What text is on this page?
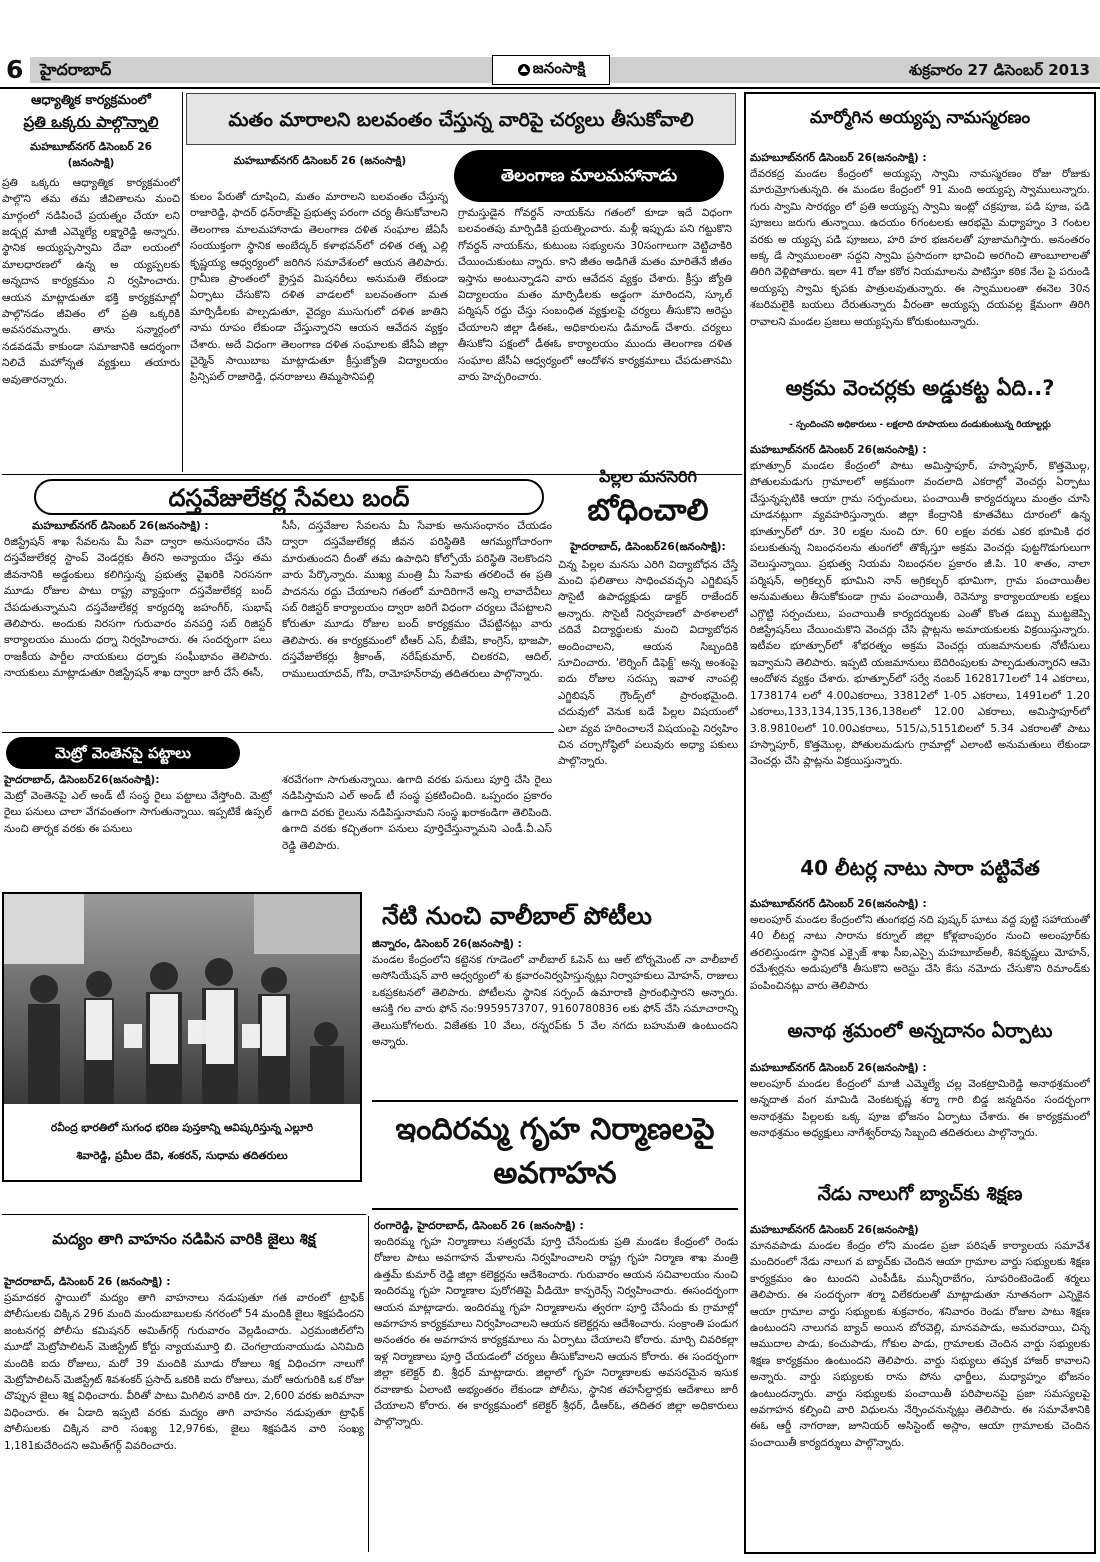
6	హైదరాబాద్	జనంసాక్షి	శుక్రవారం 27 డిసెంబర్ 2013
ఆధ్యాత్మిక కార్యక్రమంలో
ప్రతి ఒక్కరు పాల్గొన్నాలి
మహబూబ్‌నగర్ డిసెంబర్ 26 (జనంసాక్షి)

ప్రతి ఒక్కరు ఆధ్యాత్మిక కార్యక్రమంలో పాల్గొని తమ తమ జీవితాలను మంచి మార్గంలో నడిపించే ప్రయత్నం చేయా లని జడ్చర్ల మాజీ ఎమ్మెల్యే లక్ష్మారెడ్డి అన్నారు. స్థానిక అయ్యప్పస్వామి దేవా లయంలో మాలధారణలో ఉన్న అ య్యప్పలకు అన్నదాన కార్యక్రమం ని ర్వహించారు. ఆయన మాట్లాడుతూ భక్తి కార్యక్రమాల్లో పాల్గొనడం జీవితం లో ప్రతి ఒక్కరికి అవసరమన్నారు. తాను సన్మార్గంలో నడవడమే కాకుండా సమాజానికి ఆదర్శంగా నిలిచే మహోన్నత వ్యక్తులు తయారు అవుతారన్నారు.

మతం మారాలని బలవంతం చేస్తున్న వారిపై చర్యలు తీసుకోవాలి
మహబూబ్‌నగర్ డిసెంబర్ 26 (జనంసాక్షి)
తెలంగాణ మాలమహానాడు

కులం పేరుతో దూషించి, మతం మారాలని బలవంతం చేస్తున్న రాజారెడ్డి, ఫాదర్ ధన్‌రాజ్‌పై ప్రభుత్వ పరంగా చర్య తీసుకోవాలని తెలంగాణ మాలమహానాడు తెలంగాణ దళిత సంఘాల జేఏసీ సంయుక్తంగా స్థానిక అంబేద్కర్ కళాభవన్‌లో దళిత రత్న ఎల్లి కృష్ణయ్య ఆధ్వర్యంలో జరిగిన సమావేశంలో ఆయన తెలిపారు. గ్రామీణ ప్రాంతంలో క్రైస్తవ మిషనరీలు అనుమతి లేకుండా ఏర్పాటు చేసుకొని దళిత వాడలలో బలవంతంగా మత మార్పిడీలకు పాల్పడుతూ, వైద్యం ముసుగులో దళిత జాతిని నామ రూపం లేకుండా చేస్తున్నారని ఆయన ఆవేదన వ్యక్తం చేశారు. అదే విధంగా తెలంగాణ దళిత సంఘాలకు జేసీఏ జిల్లా చైర్మెన్ సాయిబాబ మాట్లాడుతూ క్రీస్తుజ్యోతి విద్యాలయం ప్రిన్సిపల్ రాజారెడ్డి, ధనరాజులు తిమ్మసానిపల్లి

గ్రామస్తుడైన గోవర్దన్ నాయక్‌ను గతంలో కూడా ఇదే విధంగా బలవంతపు మార్పిడికి ప్రయత్నించారు. మళ్లీ ఇప్పుడు పని గట్టుకొని గోవర్దన్ నాయక్‌ను, కుటుంబ సభ్యులను 30సంగాలుగా వెట్టిచాకిరి చేయించుకుంటు న్నారు. కాని జీతం అడిగితే మతం మారితేనే జీతం ఇస్తాను అంటున్నాడని వారు ఆవేదన వ్యక్తం చేశారు. క్రీస్తు జ్యోతి విద్యాలయం మతం మార్పిడీలకు అడ్డంగా మారిందని, స్కూల్ పర్మిషన్ రద్దు చేస్తు సంబంధిత వ్యక్తులపై చర్యలు తీసుకొని అరెస్టు చేయాలని జిల్లా డీఈఓ, అధికారులను డిమాండ్ చేశారు. చర్యలు తీసుకోని పక్షంలో డీఈఓ కార్యాలయం ముందు తెలంగాణ దళిత సంఘాల జేసీఏ ఆధ్వర్యంలో ఆందోళన కార్యక్రమాలు చేపడుతానమి వారు హెచ్చరించారు.

మార్మోగిన అయ్యప్ప నామస్మరణం
మహబూబ్‌నగర్ డిసెంబర్ 26(జనంసాక్షి) :

దేవరకద్ర మండల కేంద్రంలో అయ్యప్ప స్వామి నామస్మరణం రోజు రోజుకు మారుమ్రోగుతున్నది. ఈ మండల కేంద్రంలో 91 మంది అయ్యప్ప స్వాములున్నారు. గురు స్వామి సారథ్యం లో ప్రతి అయ్యప్ప స్వామి ఇంట్లో చక్రపూజ, పడి పూజ, పడి పూజలు జరుగు తున్నాయి. ఉదయం 6గంటలకు ఆరభమై మధ్యాహ్నం 3 గంటల వరకు అ య్యప్ప పడి పూజలు, హరి హర భజనలతో పూజామగిస్తారు. అనంతరం అక్క డే స్వాములంతా సద్దని స్వామి ప్రసాదంగా భావించి అరగించి తాంబూలాలతో తిరిగి వెళ్లిపోతారు. ఇలా 41 రోజు కఠోర నియమాలను పాటిస్తూ కఠిక నేల పై పరుండి అయ్యప్ప స్వామి కృపకు పాత్రులవుతున్నారు. ఈ స్వాములంతా ఈనెల 30న శబరిమలైకి బయలు దేరుతున్నారు వీరంతా అయ్యప్ప దయవల్ల క్షేమంగా తిరిగి రావాలని మండల ప్రజలు అయ్యప్పను కోరుకుంటున్నారు.

అక్రమ వెంచర్లకు అడ్డుకట్ట ఏది..?
- స్పందించని అధికారులు - లక్షలాది రూపాయలు దండుకుంటున్న రియాల్టర్లు
మహబూబ్‌నగర్ డిసెంబర్ 26(జనంసాక్షి) :

భూత్పూర్ మండల కేంద్రంలో పాటు అమిస్తాపూర్, హస్నాపూర్, కొత్తమొల్గ, పోతులమడుగు గ్రామాలలో అక్రమంగా వందలాది ఎకరాల్లో వెంచర్లు ఏర్పాటు చేస్తున్నప్పటికి ఆయా గ్రామ సర్పంచులు, పంచాయితీ కార్యదర్శులు మంత్రం చూసి చూడనట్లుగా వ్యవహరిస్తున్నారు. జిల్లా కేంద్రానికి కూతవేటు దూరంలో ఉన్న భూత్పూర్‌లో రూ. 30 లక్షల నుంచి రూ. 60 లక్షల వరకు ఎకర భూమికి ధర పలుకుతున్న నిబంధనలను తుంగలో తొక్కేస్తూ అక్రమ వెంచర్లు పుట్టగొడుగులుగా వెలుస్తున్నాయి. ప్రభుత్వ నియమ నిబంధనల ప్రకారం జీ.పి. 10 శాతం, నాలా పర్మిషన్, అగ్రికల్చర్ భూమిని నాన్ అగ్రికల్చర్ భూమిగా, గ్రామ పంచాయితీల అనుమతులు తీసుకోకుండా గ్రామ పంచాయితీ, రెవెన్యూ కార్యాలయాలకు లక్షలు ఎగ్గొట్టి సర్పంచులు, పంచాయితీ కార్యదర్శులకు ఎంతో కొంత డబ్బు ముట్టజెప్పి రిజిస్ట్రేషన్‌లు చేయించుకొని వెంచర్లు చేసి ప్లాట్లను అమాయకులకు విక్రయిస్తున్నారు. ఇటీవల భూత్పూర్‌లో శోభరత్నం అక్రమ వెంచర్లు యజమానులకు నోటీసులు ఇవ్వామని తెలిపారు. ఇప్పటి యజమానులు బెదిరింపులకు పాల్పడుతున్నారని ఆమె ఆందోళన వ్యక్తం చేశారు. భూత్పూర్‌లో సర్వే నంబర్ 1628171లలో 14 ఎకరాలు, 1738174 లలో 4.00ఎకరాలు, 33812లో 1-05 ఎకరాలు, 1491లలో 1.20 ఎకరాలు,133,134,135,136,138లలో 12.00 ఎకరాలు, అమిస్తాపూర్‌లో 3.8.9810లలో 10.00ఎకరాలు, 515/ఎ,5151బిలలో 5.34 ఎకరాలతో పాటు హస్నాపూర్, కొత్తమొల్గ, పోతులమడుగు గ్రామాల్లో ఎలాంటి అనుమతులు లేకుండా వెంచర్లు చేసి ప్లాట్లను విక్రయిస్తున్నారు.

40 లీటర్ల నాటు సారా పట్టివేత
మహబూబ్‌నగర్ డిసెంబర్ 26(జనంసాక్షి) :

అలంపూర్ మండల కేంద్రంలోని తుంగభద్ర నది పుష్కర్ ఘాటు వద్ద పుట్టి సహాయంతో 40 లీటర్ల నాటు సారాను కర్నూల్ జిల్లా కోళ్లబాంపురం నుంచి అలంపూర్‌కు తరలిస్తుండగా స్థానిక ఎక్సైజ్ శాఖ సీఐ,ఎస్సై మహబూబ్‌అలీ, శివకృష్ణలు మోహన్, రమేశ్వర్లను అదుపులోకి తీసుకొని అరెస్టు చేసి కేసు నమోదు చేసుకొని రిమాండ్‌కు పంపించినట్లు వారు తెలిపారు

అనాథ శ్రమంలో అన్నదానం ఏర్పాటు
మహబూబ్‌నగర్ డిసెంబర్ 26(జనంసాక్షి) :

అలంపూర్ మండల కేంద్రంలో మాజీ ఎమ్మెల్యే చల్ల వెంకట్రామిరెడ్డి అనాథశ్రమంలో అన్నదాత వంగ మామిడి వెంకటకృష్ణ శర్మా గారి బిడ్డ జన్మదినం సందర్భంగా అనాథశ్రమ పిల్లలకు ఒక్క పూజ భోజనం ఏర్పాటు చేశారు. ఈ కార్యక్రమంలో అనాథశ్రమం అధ్యక్షులు నాగేశ్వర్‌రావు సిబ్బంది తదితరులు పాల్గొన్నారు.

నేడు నాలుగో బ్యాచ్‌కు శిక్షణ
మహబూబ్‌నగర్ డిసెంబర్ 26(జనంసాక్షి)

మానవపాడు మండల కేంద్రం లోని మండల ప్రజా పరిషత్ కార్యాలయ సమావేశ మందిరంలో నేడు నాలుగ వ బ్యాచ్‌కు చెందిన ఆయా గ్రామాల వార్డు సభ్యులకు శిక్షణ కార్యక్రమం ఉం టుందని ఎంపీడీఓ మున్నీరాబేగం, సూపరింటెండెంట్ శర్మలు తెలిపారు. ఈ సందర్భంగా శర్మా విలేకరులతో మాట్లాడుతూ నూతనంగా ఎన్నికైన ఆయా గ్రామాల వార్డు సభ్యులకు శుక్రవారం, శనివారం రెండు రోజుల పాటు శిక్షణ ఉంటుందని నాలుగవ బ్యాచ్ అయిన బోరవెల్లి, మానవపాడు, అమరవాయి, చిన్న ఆముదాల పాడు, కంచుపాడు, గోకుల పాడు, గ్రామాలకు చెందిన వార్డు సభ్యులకు శిక్షణ కార్యక్రమం ఉంటుందని తెలిపారు. వార్డు సభ్యులు తప్పక హాజర్ కావాలని అన్నారు. వార్డు సభ్యులకు రాను పోను ఛార్జీలు, మధ్యాహ్నం భోజనం ఉంటుందన్నారు. వార్డు సభ్యులకు పంచాయితీ పరిపాలనపై ప్రజా సమస్యలపై అవగాహన కల్పించి వారి విధులను నేర్పించనున్నట్లు తెలిపారు. ఈ సమావేశానికి ఈఓ ఆర్డీ నాగరాజు, జూనియర్ అసిస్టెంట్ అస్లాం, ఆయా గ్రామాలకు చెందిన పంచాయితీ కార్యదర్శులు పాల్గొన్నారు.

దస్తవేజులేకర్ల సేవలు బంద్
మహబూబ్‌నగర్ డిసెంబర్ 26(జనంసాక్షి) :

రిజిస్ట్రేషన్ శాఖ సేవలను మీ సేవా ద్వారా అనుసంధానం చేసి దస్తవేజులేకర్ల స్టాంప్ వెండర్లకు తీరని అన్యాయం చేస్తు తమ జీవనానికి అడ్డంకులు కలిగిస్తున్న ప్రభుత్వ వైఖరికి నిరసనగా మూడు రోజుల పాటు రాష్ట్ర వ్యాప్తంగా దస్తవేజులేకర్ల బంద్ చేపడుతున్నామని దస్తవేజులేకర్ల కార్యదర్శి జహంగీర్, సుభాష్ తెలిపారు. అందుకు నిరసగా గురువారం వనపర్తి సబ్ రిజిస్టర్ కార్యాలయం ముందు ధర్నా నిర్వహించారు. ఈ సందర్భంగా పలు రాజకీయ పార్టీల నాయకులు ధర్నాకు సంఘీభావం తెలిపారు. నాయకులు మాట్లాడుతూ రిజిస్ట్రేషన్ శాఖ ద్వారా జారీ చేసే ఈసీ,

సీసీ, దస్తవేజుల సేవలను మీ సేవాకు అనుసంధానం చేయడం ద్వారా దస్తవేజులేకర్ల జీవన పరిస్థితికి ఆగమ్యగోచారంగా మారుతుందని దీంతో తమ ఉపాధిని కోల్పోయే పరిస్థితి నెలకొందని వారు పేర్కొన్నారు. ముఖ్య మంత్రి మీ సేవాకు తరలించే ఈ ప్రతి పాదనను రద్దు చేయాలని గతంలో మాదిరిగానే అన్ని లావాదేవీలు సబ్ రిజిస్టర్ కార్యాలయం ద్వారా జరిగే విధంగా చర్యలు చేపట్టాలని కోరుతూ మూడు రోజుల బంద్ కార్యక్రమం చేపట్టినట్లు వారు తెలిపారు. ఈ కార్యక్రమంలో టీఆర్ ఎస్, బీజేపి, కాంగ్రెస్, భాజపా, దస్తవేజులేకర్లు శ్రీకాంత్, నరేష్‌కుమార్, చిలకరవి, ఆదిల్, రాములుయాదవ్, గోపి, రామోహన్‌రావు తదితరులు పాల్గొన్నారు.

పిల్లల మనసెరిగి
బోధించాలి
హైదరాబాద్, డిసెంబర్26(జనంసాక్షి):

చిన్న పిల్లల మనసు ఎరిగి విద్యాబోధన చేస్తే మంచి ఫలితాలు సాధించవచ్చని ఎగ్జిబిషన్ సొసైటీ ఉపాధ్యక్షుడు డాక్టర్ రాజేందర్ అన్నారు. సొసైటీ నిర్వహణలో పాఠశాలలో చదివే విద్యార్థులకు మంచి విద్యాబోధన అందించాలని, ఆయన సిబ్బందికి సూచించారు. 'లెర్నింగ్ డిఫెక్ట్' అన్న అంశంపై ఐదు రోజుల సదస్సు ఇవాళ నాంపల్లి ఎగ్జిబిషన్ గ్రౌండ్స్‌లో ప్రారంభమైంది. చదువులో వెనుక బడే పిల్లల విషయంలో ఎలా వ్యవ హరించాలనే విషయంపై నిర్వహిం చిన చర్చాగోష్ఠిలో పలువురు అధ్యా పకులు పాల్గొన్నారు.

మెట్రో వెంతెనపై పట్టాలు
హైదరాబాద్, డిసెంబర్26(జనంసాక్షి):

మెట్రో వెంతెనపై ఎల్ అండ్ టీ సంస్థ రైలు పట్టాలు వేస్తోంది. మెట్రో రైలు పనులు చాలా వేగవంతంగా సాగుతున్నాయి. ఇప్పటికే ఉప్పల్ నుంచి తార్నక వరకు ఈ పనులు

శరవేగంగా సాగుతున్నాయి. ఉగాది వరకు పనులు పూర్తి చేసి రైలు నడిపిస్తామని ఎల్ అండ్ టీ సంస్థ ప్రకటించింది. ఒప్పందం ప్రకారం ఉగాది వరకు రైలును నడిపిస్తునామని సంస్థ ఖరాకండిగా తెలిపింది. ఉగాది వరకు కచ్చితంగా పనులు పూర్తిచేస్తున్నామని ఎండీ.వీ.ఎస్ రెడ్డి తెలిపారు.

రవీంద్ర భారతిలో సుగంధ భరిణ పుస్తకాన్ని ఆవిష్కరిస్తున్న ఎల్లూరి
శివారెడ్డి, ప్రమీల దేవి, శంకరన్, సుధామ తదితరులు
నేటి నుంచి వాలీబాల్ పోటీలు
జిన్నారం, డిసెంబర్ 26(జనంసాక్షి) :

మండల కేంద్రంలోని కట్టెనక గూడెంలో వాలీబాల్ ఓపెన్ టు ఆల్ టోర్నమెంట్ నా వాలీబాల్ అసోసియేషన్ వారి ఆధ్వర్యంలో శు క్రవారంనిర్వహిస్తున్నట్లు నిర్వాహకులు మోహన్, రాజులు ఒకప్రకటనలో తెలిపారు. పోటీలను స్థానిక సర్పంచ్ ఉమారాణి ప్రారంభిస్తారని అన్నారు. ఆసక్తి గల వారు ఫోన్ నం:9959573707, 9160780836 లకు ఫోన్ చేసి సమాచారాన్ని తెలుసుకోగలరు. విజేతకు 10 వేలు, రన్నరప్‌కు 5 వేల నగదు బహుమతి ఉంటుందని అన్నారు.

ఇందిరమ్మ గృహ నిర్మాణలపై
అవగాహన
రంగారెడ్డి, హైదరాబాద్, డిసెంబర్ 26 (జనంసాక్షి) :

ఇందిరమ్మ గృహ నిర్మాణాలు సత్వరమే పూర్తి చేసేందుకు ప్రతి మండల కేంద్రంలో రెండు రోజుల పాటు అవగాహన మేళాలను నిర్వహించాలని రాష్ట్ర గృహ నిర్మాణ శాఖ మంత్రి ఉత్తమ్ కుమార్ రెడ్డి జిల్లా కలెక్టర్లను ఆదేశించారు. గురువారం ఆయన సచివాలయం నుంచి ఇందిరమ్మ గృహ నిర్మాణాల పురోగతిపై వీడియో కాన్ఫరెన్స్ నిర్వహించారు. ఈసందర్భంగా ఆయన మాట్లాడారు. ఇందిరమ్మ గృహ నిర్మాణాలను త్వరగా పూర్తి చేసేందు కు గ్రామాల్లో అవగాహన కార్యక్రమాలు నిర్వహించాలని ఆయన కలెక్టర్లను ఆదేశించారు. సంక్రాంతి పండుగ అనంతరం ఈ అవగాహన కార్యక్రమాలు ను ఏర్పాటు చేయాలని కోరారు. మార్చి చివరికల్లా ఇళ్ల నిర్మాణాలు పూర్తి చేయడంలో చర్యలు తీసుకోవాలని ఆయన కోరారు. ఈ సందర్భంగా జిల్లా కలెక్టర్ బి. శ్రీధర్ మాట్లాడారు. జిల్లాలో గృహ నిర్మాణాలకు అవసరమైన ఇసుక రవాణాకు ఏలాంటి అభ్యంతరం లేకుండా పోలీసు, స్థానిక తహసీల్దార్లకు ఆదేశాలు జారీ చేయాలని కోరారు. ఈ కార్యక్రమంలో కలెక్టర్ శ్రీధర్, డీఆర్‌ఓ, తదితర జిల్లా అధికారులు పాల్గొన్నారు.

మద్యం తాగి వాహనం నడిపిన వారికి జైలు శిక్ష
హైదరాబాద్, డిసెంబర్ 26 (జనంసాక్షి) :

ప్రమాదకర స్థాయిలో మద్యం తాగి వాహనాలు నడుపుతూ గత వారంలో ట్రాఫిక్ పోలీసులకు చిక్కిన 296 మంది మందుబాబులకు నగరంలో 54 మందికి జైలు శిక్షపడిందని జంటనగర్ల పోలీసు కమిషనర్ అమిత్‌గర్గ్ గురువారం వెల్లడించారు. ఎర్రమంజిల్‌లోని మూడో మెట్రోపాలిటన్ మెజిస్ట్రేట్ కోర్టు న్యాయమూర్తి బి. చెంగల్రాయనాయుడు ఎనిమిది మందికి ఐదు రోజులు, మరో 39 మందికి మూడు రోజులు శిక్ష విధించగా నాలుగో మెట్రోపాలిటన్ మెజిస్ట్రేట్ శివశంకర్ ప్రసాద్ ఒకరికి ఐదు రోజులు, మరో ఆరుగురికి ఒక రోజు చొప్పున జైలు శిక్ష విధించారు. వీరితో పాటు మిగిలిన వారికి రూ. 2,600 వరకు జరిమానా విధించారు. ఈ ఏడాది ఇప్పటి వరకు మద్యం తాగి వాహనం నడుపుతూ ట్రాఫిక్ పోలీసులకు చిక్కిన వారి సంఖ్య 12,976కు, జైలు శిక్షపడిన వారి సంఖ్య 1,181కుచేరిందని అమిత్‌గర్గ్ వివరించారు.
